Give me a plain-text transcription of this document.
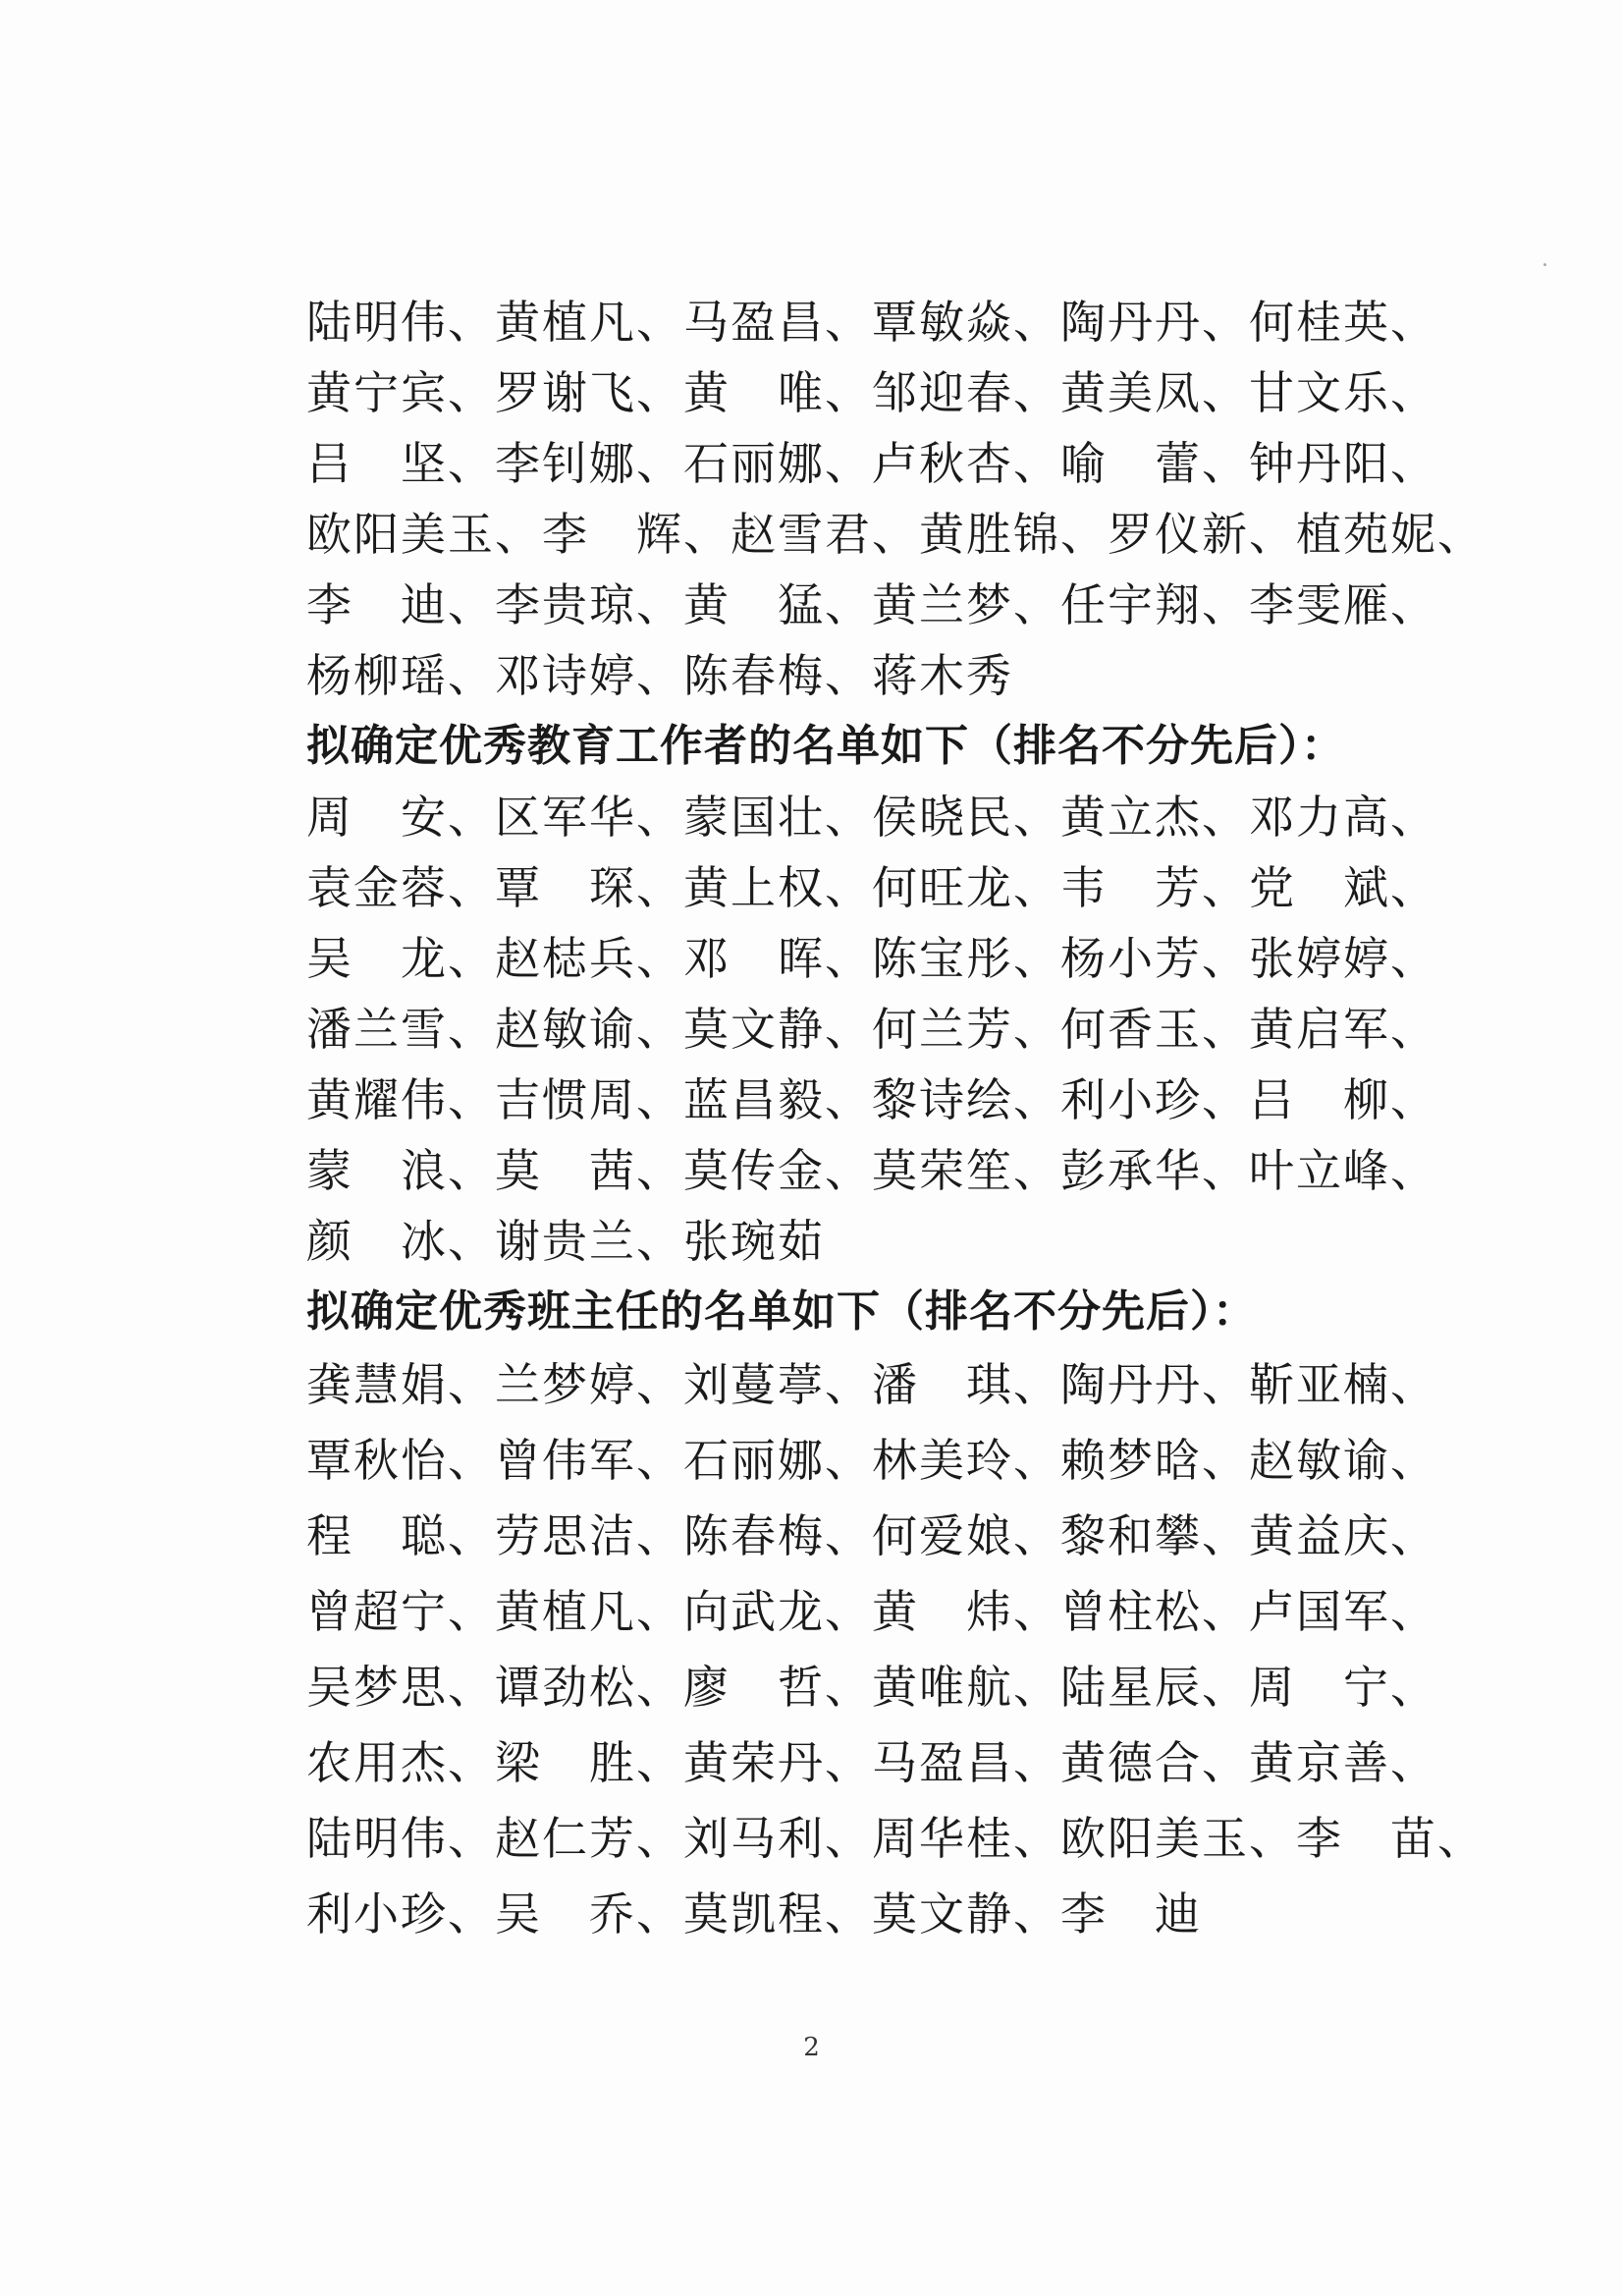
陆明伟、黄植凡、马盈昌、覃敏焱、陶丹丹、何桂英、
黄宁宾、罗谢飞、黄　唯、邹迎春、黄美凤、甘文乐、
吕　坚、李钊娜、石丽娜、卢秋杏、喻　蕾、钟丹阳、
欧阳美玉、李　辉、赵雪君、黄胜锦、罗仪新、植苑妮、
李　迪、李贵琼、黄　猛、黄兰梦、任宇翔、李雯雁、
杨柳瑶、邓诗婷、陈春梅、蒋木秀
拟确定优秀教育工作者的名单如下（排名不分先后）：
周　安、区军华、蒙国壮、侯晓民、黄立杰、邓力高、
袁金蓉、覃　琛、黄上权、何旺龙、韦　芳、党　斌、
吴　龙、赵梽兵、邓　晖、陈宝彤、杨小芳、张婷婷、
潘兰雪、赵敏谕、莫文静、何兰芳、何香玉、黄启军、
黄耀伟、吉惯周、蓝昌毅、黎诗绘、利小珍、吕　柳、
蒙　浪、莫　茜、莫传金、莫荣笙、彭承华、叶立峰、
颜　冰、谢贵兰、张琬茹
拟确定优秀班主任的名单如下（排名不分先后）：
龚慧娟、兰梦婷、刘蔓葶、潘　琪、陶丹丹、靳亚楠、
覃秋怡、曾伟军、石丽娜、林美玲、赖梦晗、赵敏谕、
程　聪、劳思洁、陈春梅、何爱娘、黎和攀、黄益庆、
曾超宁、黄植凡、向武龙、黄　炜、曾柱松、卢国军、
吴梦思、谭劲松、廖　哲、黄唯航、陆星辰、周　宁、
农用杰、梁　胜、黄荣丹、马盈昌、黄德合、黄京善、
陆明伟、赵仁芳、刘马利、周华桂、欧阳美玉、李　苗、
利小珍、吴　乔、莫凯程、莫文静、李　迪
2
